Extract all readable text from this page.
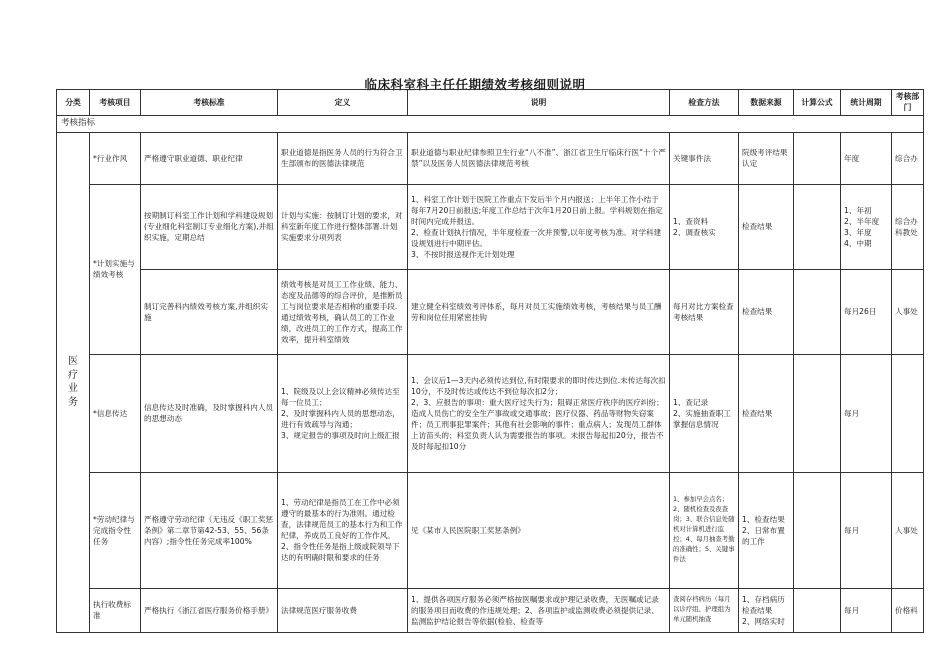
临床科室科主任任期绩效考核细则说明
分类	考核项目	考核标准	定义	说明	检查方法	数据来源	计算公式	统计周期	考核部门
考核指标									
医疗业务	*行业作风	严格遵守职业道德、职业纪律	职业道德是指医务人员的行为符合卫生部颁布的医德法律规范	职业道德与职业纪律参照卫生行业“八不准”、浙江省卫生厅临床行医“十个严禁”以及医务人员医德法律规范考核	关键事件法	院级考评结果认定		年度	综合办
	*计划实施与绩效考核	按期制订科室工作计划和学科建设规划(专业细化科室制订专业细化方案),并组织实施，定期总结	计划与实施：按制订计划的要求，对科室新年度工作进行整体部署.计划实施要求分项列表	1、科室工作计划于医院工作重点下发后半个月内报送；上半年工作小结于每年7月20日前报送;年度工作总结于次年1月20日前上报。学科规划在指定时间内完成并报送。
2、检查计划执行情况，半年度检查一次并预警,以年度考核为准。对学科建设规划进行中期评估。
3、不按时报送视作无计划处理	1、查资料
2、调查核实	检查结果		1、年初
2、半年度
3、年度
4、中期	综合办
科教处
		制订完善科内绩效考核方案,并组织实施	绩效考核是对员工工作业绩、能力、态度及品德等的综合评价，是推断员工与岗位要求是否相称的重要手段.通过绩效考核，确认员工的工作业绩，改进员工的工作方式，提高工作效率，提升科室绩效	建立健全科室绩效考评体系，每月对员工实施绩效考核，考核结果与员工酬劳和岗位任用紧密挂钩	每月对比方案检查考核结果	检查结果		每月26日	人事处
	*信息传达	信息传达及时准确，及时掌握科内人员的思想动态	1、院级及以上会议精神必须传达至每一位员工；
2、及时掌握科内人员的思想动态，进行有效疏导与沟通；
3、规定报告的事项及时向上级汇报	1、会议后1—3天内必须传达到位,有时限要求的即时传达到位.未传达每次扣10分，不及时传达或传达不到位每次扣2分；
2、3、应报告的事项：重大医疗过失行为；阻碍正常医疗秩序的医疗纠纷；造成人员伤亡的安全生产事故或交通事故；医疗仪器、药品等财物失窃案件；员工刑事犯罪案件；其他有社会影响的事件；重点病人；发现员工群体上访苗头的；科室负责人认为需要报告的事项。未报告每起扣20分，报告不及时每起扣10分	1、查记录
2、实施抽查职工掌握信息情况	检查结果		每月	
	*劳动纪律与完成指令性任务	严格遵守劳动纪律（无违反《职工奖惩条例》第二章节第42-53、55、56条内容）;指令性任务完成率100%	1、劳动纪律是指员工在工作中必须遵守的最基本的行为准则。通过检查，法律规范员工的基本行为和工作纪律，养成员工良好的工作作风。
2、指令性任务是指上级或院领导下达的有明确时限和要求的任务	见《某市人民医院职工奖惩条例》	1、参加早会点名；2、随机检查及夜查岗；3、联合信息处随机对计算机进行监控；4、每月抽查考勤的准确性；5、关键事件法	1、检查结果
2、日常布置的工作		每月	人事处
	执行收费标准	严格执行《浙江省医疗服务价格手册》	法律规范医疗服务收费	1、提供各项医疗服务必须严格按医嘱要求或护理记录收费，无医嘱或记录的服务项目而收费的作违规处理；2、各项监护或监测收费必须提供记录、监测监护结论报告等依据(检验、检查等	查阅存档病历（每月以诊疗组、护理组为单元随机抽查	1、存档病历检查结果
2、网络实时		每月	价格科
